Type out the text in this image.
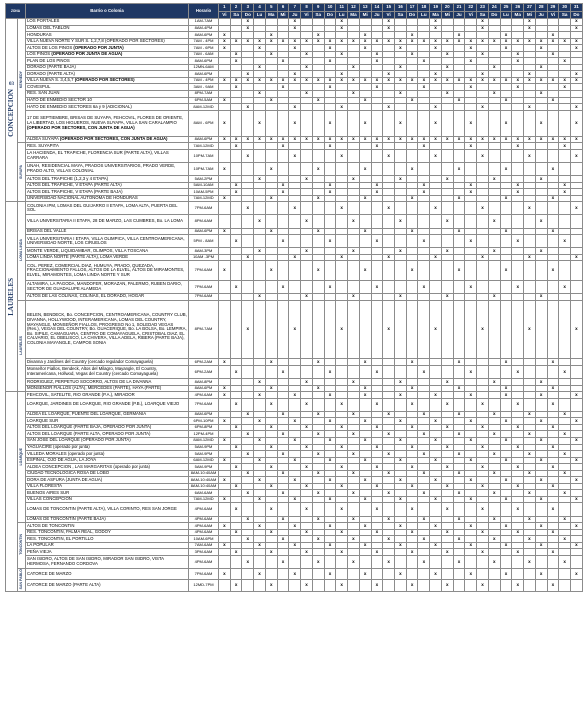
ZONA		Barrio o Colonia	Horario	1	2	3	4	5	6	7	8	9	10	11	12	13	14	15	16	17	18	19	20	21	22	23	24	25	26	27	28	29	30	31
				Vi	Sa	Do	Lu	Ma	Mi	Ju	Vi	Sa	Do	Lu	Ma	Mi	Ju	Vi	Sa	Do	Lu	Ma	Mi	Ju	Vi	Sa	Do	Lu	Ma	Mi	Ju	Vi	Sa	Do

03
CONCEPCION	KENNEDY	LOS PORTALES	1AM-7AM			x				x				x				x				x				x				x				x
		LOMAS DEL TABLON	8AM-4PM			x				x				x				x				x				x				x				x
		HONDURAS	8AM-6PM	x				x				x				x				x				x				x				x		
		VILLA NUEVA NORTE Y SUR S. 1,2,7,8 (OPERADO POR SECTORES)	7AM - 4PM	x	x	x	x	x	x	x	x	x	x	x	x	x	x	x	x	x	x	x	x	x	x	x	x	x	x	x	x	x	x	x
		ALTOS DE LOS PINOS (OPERADO POR JUNTA)	7AM - 6PM	x			x			x			x			x			x			x			x			x			x			x
		LOS PINOS (OPERADO POR JUNTA DE AGUA)	7AM - 6AM		x			x			x			x			x			x			x			x			x			x		
		PLAN DE LOS PINOS	8AM-6PM		x				x				x				x				x				x				x				x	
		DORADO (PARTE BAJA)	12MN-6AM				x				x				x				x				x				x				x			
		DORADO (PARTE ALTA)	8AM-6PM			x				x				x				x				x				x				x				x
		VILLA NUEVA S. 3,4,5,7 (OPERADO POR SECTORES)	7AM - 4PM	x	x	x	x	x	x	x	x	x	x	x	x	x	x	x	x	x	x	x	x	x	x	x	x	x	x	x	x	x	x	x
		COVESPUL	3AM - 9AM		x				x				x				x				x				x				x				x	
		RES. SAN JUAN	8PM-7AM				x				x				x				x				x				x				x			
		HATO DE ENMEDIO SECTOR 10	6PM-5AM	x				x				x				x				x				x				x				x		
		HATO DE ENMEDIO SECTORES 6a y 9 (ADICIONAL)	8AM-12MD			x				x				x				x				x				x				x				x
		17 DE SEPTIEMBRE, BRISAS DE SUYAPA, FEHCOVIL, FLORES DE ORIENTE, LA LIBERTAD, LOS HIGUEROS, NUEVA SUYAPA, VILLA SAN CARALAMPIO (OPERADO POR SECTORES, CON JUNTA DE AGUA)	8AM - 6PM	x			x			x			x			x			x			x			x			x			x			x
		ALDEA SUYAPA (OPERADO POR SECTORES, CON JUNTA DE AGUA)	8AM-6PM	x	x	x	x	x	x	x	x	x	x	x	x	x	x	x	x	x	x	x	x	x	x	x	x	x	x	x	x	x	x	x
	SUYAPA	RES. SUYAPITA	7AM-12MD		x				x				x				x				x				x				x				x	
		LA HACIENDA, EL TRAPICHE, FLORENCIA SUR (PARTE ALTA), VILLAS CARRARA	10PM-7AM			x				x				x				x				x				x				x				x
		UNAH, RESIDENCIAL MAYA, PRADOS UNIVERSITARIOS, PRADO VERDE, PRADO ALTO, VILLAS COLONIAL	10PM-7AM	x				x				x				x				x				x				x				x		
		ALTOS DEL TRAPICHE (1,2,3 y 4 ETAPA)	5AM-2PM				x				x				x				x				x				x				x			
		ALTOS DEL TRAPICHE, V ETAPA (PARTE ALTA)	5AM-10AM		x				x				x				x				x				x				x				x	
		ALTOS DEL TRAPICHE, V ETAPA (PARTE BAJA)	10AM-5PM		x				x				x				x				x				x				x				x	
		UNIVERSIDAD NACIONAL AUTONOMA DE HONDURAS	7AM-12MD	x				x				x				x				x				x				x				x		
LAURELES	LOMA LINDA	COLONIA IPM, LOMAS DEL GUIJARRO II ETAPA, LOMA ALTA, PUERTA DEL SOL	7PM-6AM			x				x				x				x				x				x				x				x
		VILLA UNIVERSITARIA II ETAPA, 28 DE MARZO, LAS CUMBRES, Bo. LA LOMA	8PM-6AM				x				x				x				x				x				x				x			
		BRISAS DEL VALLE	8AM-6PM	x				x				x				x				x				x				x				x		
		VILLA UNIVERSITARIA I ETAPA, VILLA OLIMPICA, VILLA CENTROAMERICANA, UNIVERSIDAD NORTE, LOS CIRUELOS	5PM - 8AM		x				x				x				x				x				x				x				x	
		MONTE VERDE, LIQUIDAMBAR, OLIMPOS, VILLA TOSCANA	8AM-3PM				x				x				x				x				x				x				x			
		LOMA LINDA NORTE (PARTE ALTA), LOMA VERDE	10AM -3PM			x				x				x				x				x				x				x				x
		COL. PEREZ, COMERCIAL DIAZ, HUMUYA, PRADO, QUEZADA, FRACCIONAMIENTO FALLOS, ALTOS DE LA ELVEL, ALTOS DE MIRAMONTES, ELVEL, MIRAMONTES, LOMA LINDA NORTE Y SUR	7PM-6AM	x				x				x				x				x				x				x				x		
		ALTAMIRA, LA PAGODA, MANDOFER, MORAZAN, PALERMO, RUBEN DARIO, SECTOR DE GUADALUPE ALAMEDA	7PM-6AM		x				x				x				x				x				x				x				x	
		ALTOS DE LAS COLINAS, COLINAS, EL DORADO, HOGAR	7PM-6AM				x				x				x				x				x				x				x			
	LAURELES	BELEN, BENDECK, Bo. CONCEPCION, CENTROAMERICANA, COUNTRY CLUB, DIVANNA, HOLLYWOOD, INTERAMERICANA, LOMAS DEL COUNTRY, MAYANGLE, MONSEÑOR FIALLOS, PROGRESO No 1, SOLEDAD VEGAS (Res.), VEGAS DEL COUNTRY, Bo. GUACERIQUE, Bo. LA BOLSA, Bo. LEMPIRA, Bo. SIPILE, CAMAGUARA, CENTRO DE COMAYAGUELA, CRISTOBAL DIAZ, EL CALVARIO, EL OBELISCO, LA CHIVERA, VILLA ADELA, RIBERA (PARTE BAJA), COLONIA MAYANGLE, CAMPOS SONIA	8PM-7AM			x				x				x				x				x				x				x				x
		Divanna y Jardines del Country (cercado regulador Comayaguela)	6PM-2AM	x				x				x				x				x				x				x				x		
		Monseñor Fiallos, Bendeck, Altos del Milagro, Mayangle, El Country, Interamericana, Hollwod, Vegas del Country (cercado Comayaguela)	6PM-2AM		x				x				x				x				x				x				x				x	
		RODRIGUEZ, PERPETUO SOCORRO, ALTOS DE LA DIVANNA	8AM-8PM				x				x				x				x				x				x				x			
		MONSEÑOR FIALLOS (ALTA), MERCEDES (PARTE), HAYA (PARTE)	8AM-6PM	x				x				x				x				x				x				x				x		
	LOARQUE	FEHCOVIL, SATELITE, RIO GRANDE (P.A.), MIRADOR	4PM-6AM	x			x			x			x			x			x			x			x			x			x			x
		LOARQUE, JARDINES DE LOARQUE, RIO GRANDE (P.B.), LOARQUE VIEJO	7PM-6AM		x			x			x			x			x			x			x			x			x			x		
		ALDEA EL LOARQUE, PUENTE DEL LOARQUE, GERMANIA	8AM-6PM			x			x			x			x			x			x			x			x			x			x	
		LOARQUE SUR	6PM-10PM	x			x			x			x			x			x			x			x			x			x			x
		ALTOS DEL LOARQUE (PARTE BAJA, OPERADO POR JUNTA)	6PM-8PM		x			x			x			x			x			x			x			x			x			x		
		ALTOS DEL LOARQUE (PARTE ALTA, OPERADO POR JUNTA)	12PM-4PM			x			x			x			x			x			x			x			x			x			x	
		SAN JOSE DEL LOARQUE (OPERADO POR JUNTA)	8AM-12MD	x			x			x			x			x			x			x			x			x			x			x
		YAGUACIRE (operado por junta)	5AM-9PM		x			x			x			x			x			x			x			x			x			x		
		VILLEDA MORALES (operado por junta)	5AM-9PM			x			x			x			x			x			x			x			x			x			x	
		ESPINAL, OJO DE AGUA, LA JOYA	6AM-12MD	x			x			x			x			x			x			x			x			x			x			x
		ALDEA CONCEPCION , LAS MARGARITAS (operado por junta)	5AM-9PM		x			x			x			x			x			x			x			x			x			x		
		CIUDAD TECNOLOGICA ROSA DE LOBO	8AM-10:40AM			x			x			x			x			x			x			x			x			x			x	
		DORA DE ASFURA (JUNTA DE AGUA)	8AM-10:40AM	x			x			x			x			x			x			x			x			x			x			x
		VILLA FLORESTA	8AM-10:40AM		x			x			x			x			x			x			x			x			x			x		
		BUENOS AIRES SUR	6AM-6AM			x			x			x			x			x			x			x			x			x			x	
		VILLAS CONCEPCION	7AM-12MD	x			x			x			x			x			x			x			x			x			x			x
		LOMAS DE TONCONTIN (PARTE ALTA), VILLA CORINTO, RES SAN JORGE	4PM-6AM		x			x			x			x			x			x			x			x			x			x		
		LOMAS DE TONCONTIN (PARTE BAJA)	4PM-6AM			x			x			x			x			x			x			x			x			x			x	
	TONCONTIN	ALTOS DE TONCONTIN	4PM-6AM	x			x			x			x			x			x			x			x			x			x			x
		RES. TONCONTIN, PALMA REAL, GODOY	4PM-6AM		x			x			x			x			x			x			x			x			x			x		
		RES. TONCONTIN, EL PORTILLO	10AM-6PM			x			x			x			x			x			x			x			x			x			x	
		LA POPULAR	7AM-6AM	x			x			x			x			x			x			x			x			x			x			x
		PEÑA VIEJA	3PM-6AM		x			x			x			x			x			x			x			x			x			x		
		SAN ISIDRO, ALTOS DE SAN ISIDRO, MIRADOR SAN ISIDRO, VISTA HERMOSA, FERNANDO CORDOVA	4PM-6AM			x			x			x			x			x			x			x			x			x			x	
	SAN PABLO	CATORCE DE MARZO	7PM-6AM	x			x			x			x			x			x			x			x			x			x			x
		CATORCE DE MARZO (PARTE ALTA)	12MD-7PM		x			x			x			x			x			x			x			x			x			x		
